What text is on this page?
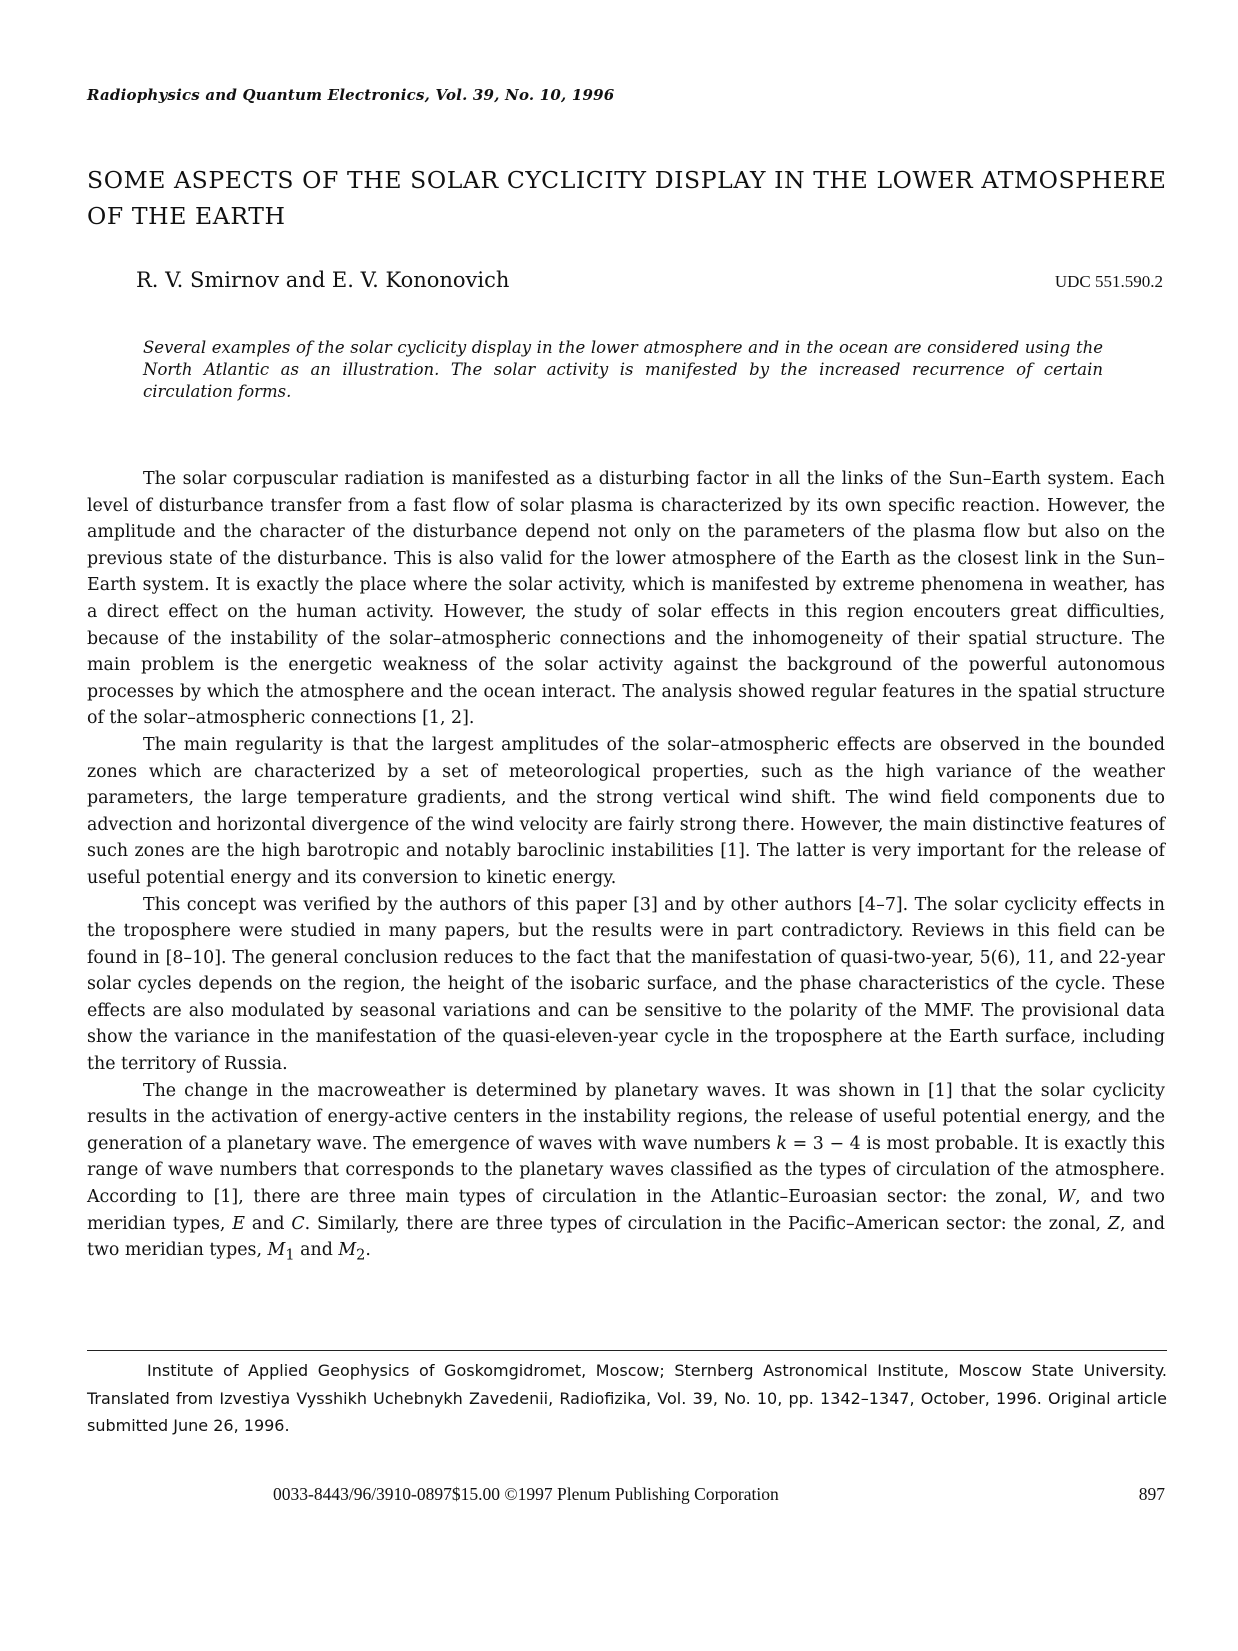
Radiophysics and Quantum Electronics, Vol. 39, No. 10, 1996
SOME ASPECTS OF THE SOLAR CYCLICITY DISPLAY IN THE LOWER ATMOSPHERE OF THE EARTH
R. V. Smirnov and E. V. Kononovich	UDC 551.590.2
Several examples of the solar cyclicity display in the lower atmosphere and in the ocean are considered using the North Atlantic as an illustration. The solar activity is manifested by the increased recurrence of certain circulation forms.

The solar corpuscular radiation is manifested as a disturbing factor in all the links of the Sun–Earth system. Each level of disturbance transfer from a fast flow of solar plasma is characterized by its own specific reaction. However, the amplitude and the character of the disturbance depend not only on the parameters of the plasma flow but also on the previous state of the disturbance. This is also valid for the lower atmosphere of the Earth as the closest link in the Sun–Earth system. It is exactly the place where the solar activity, which is manifested by extreme phenomena in weather, has a direct effect on the human activity. However, the study of solar effects in this region encouters great difficulties, because of the instability of the solar–atmospheric connections and the inhomogeneity of their spatial structure. The main problem is the energetic weakness of the solar activity against the background of the powerful autonomous processes by which the atmosphere and the ocean interact. The analysis showed regular features in the spatial structure of the solar–atmospheric connections [1, 2].

The main regularity is that the largest amplitudes of the solar–atmospheric effects are observed in the bounded zones which are characterized by a set of meteorological properties, such as the high variance of the weather parameters, the large temperature gradients, and the strong vertical wind shift. The wind field components due to advection and horizontal divergence of the wind velocity are fairly strong there. However, the main distinctive features of such zones are the high barotropic and notably baroclinic instabilities [1]. The latter is very important for the release of useful potential energy and its conversion to kinetic energy.

This concept was verified by the authors of this paper [3] and by other authors [4–7]. The solar cyclicity effects in the troposphere were studied in many papers, but the results were in part contradictory. Reviews in this field can be found in [8–10]. The general conclusion reduces to the fact that the manifestation of quasi-two-year, 5(6), 11, and 22-year solar cycles depends on the region, the height of the isobaric surface, and the phase characteristics of the cycle. These effects are also modulated by seasonal variations and can be sensitive to the polarity of the MMF. The provisional data show the variance in the manifestation of the quasi-eleven-year cycle in the troposphere at the Earth surface, including the territory of Russia.

The change in the macroweather is determined by planetary waves. It was shown in [1] that the solar cyclicity results in the activation of energy-active centers in the instability regions, the release of useful potential energy, and the generation of a planetary wave. The emergence of waves with wave numbers k = 3 − 4 is most probable. It is exactly this range of wave numbers that corresponds to the planetary waves classified as the types of circulation of the atmosphere. According to [1], there are three main types of circulation in the Atlantic–Euroasian sector: the zonal, W, and two meridian types, E and C. Similarly, there are three types of circulation in the Pacific–American sector: the zonal, Z, and two meridian types, $M_1$ and $M_2$.

Institute of Applied Geophysics of Goskomgidromet, Moscow; Sternberg Astronomical Institute, Moscow State University. Translated from Izvestiya Vysshikh Uchebnykh Zavedenii, Radiofizika, Vol. 39, No. 10, pp. 1342–1347, October, 1996. Original article submitted June 26, 1996.
0033-8443/96/3910-0897$15.00 ©1997 Plenum Publishing Corporation	897
